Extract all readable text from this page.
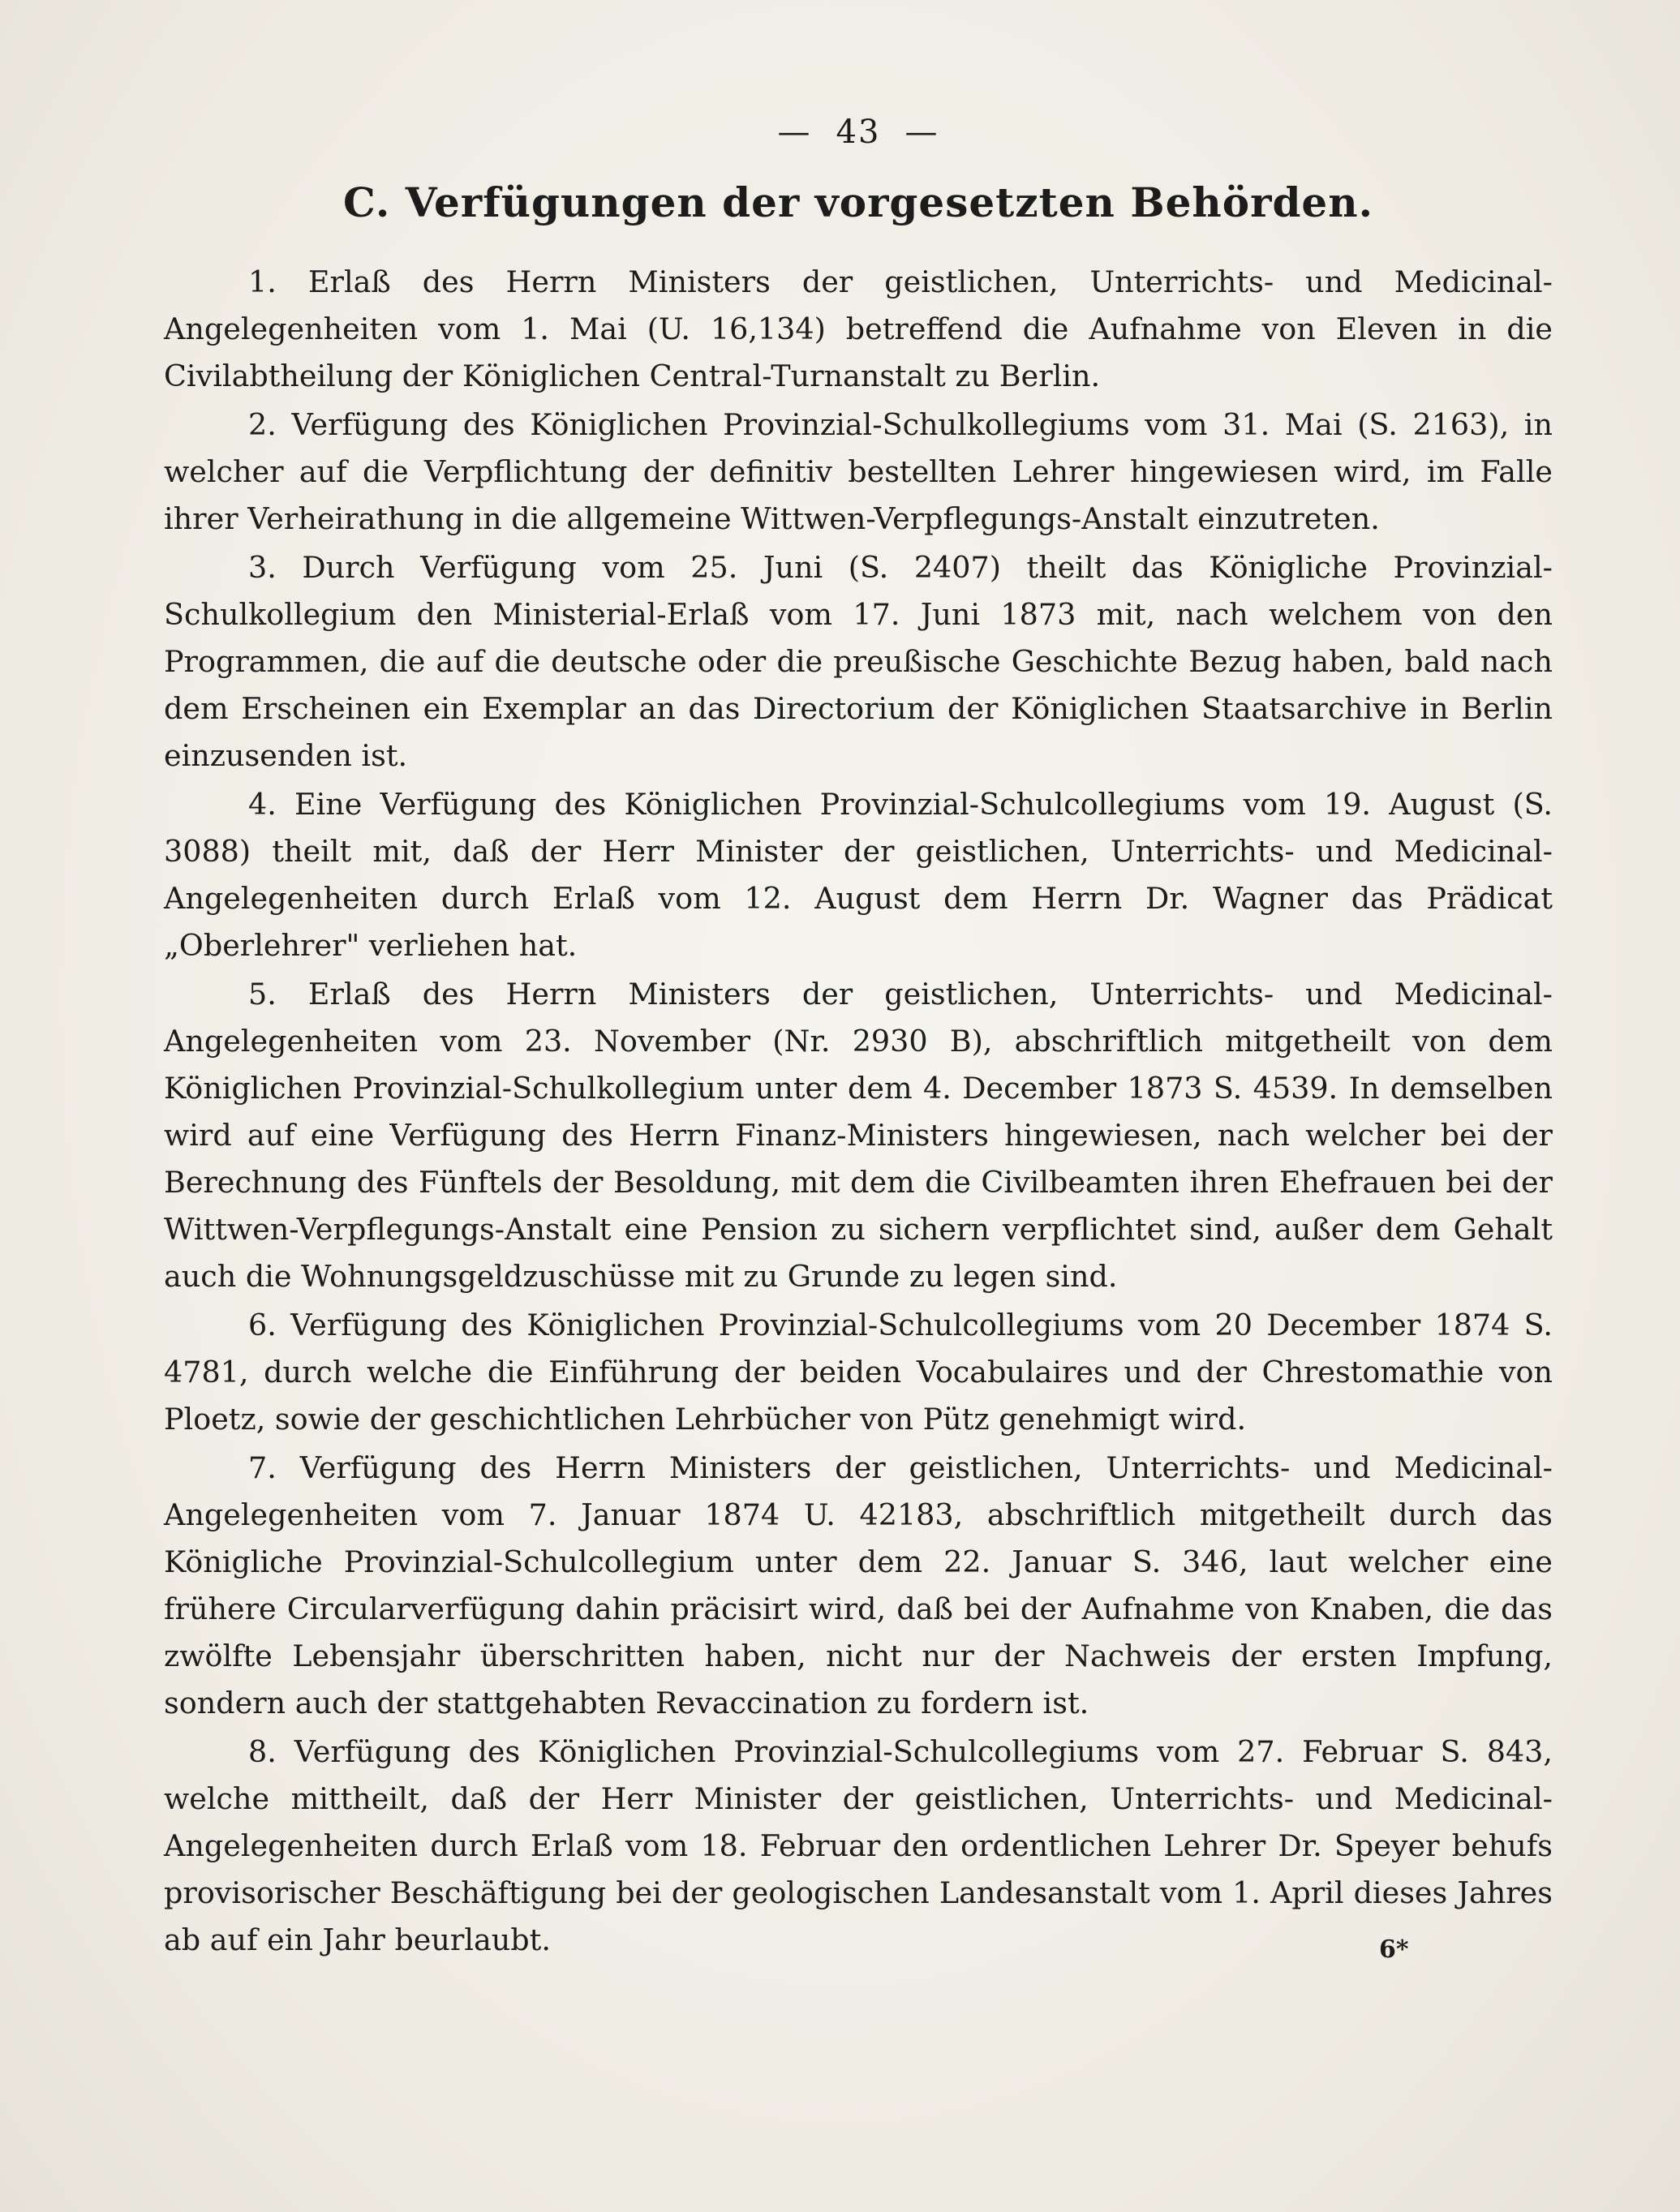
— 43 —
C. Verfügungen der vorgesetzten Behörden.

1. Erlaß des Herrn Ministers der geistlichen, Unterrichts- und Medicinal-Angelegenheiten vom 1. Mai (U. 16,134) betreffend die Aufnahme von Eleven in die Civilabtheilung der Königlichen Central-Turnanstalt zu Berlin.

2. Verfügung des Königlichen Provinzial-Schulkollegiums vom 31. Mai (S. 2163), in welcher auf die Verpflichtung der definitiv bestellten Lehrer hingewiesen wird, im Falle ihrer Verheirathung in die allgemeine Wittwen-Verpflegungs-Anstalt einzutreten.

3. Durch Verfügung vom 25. Juni (S. 2407) theilt das Königliche Provinzial-Schulkollegium den Ministerial-Erlaß vom 17. Juni 1873 mit, nach welchem von den Programmen, die auf die deutsche oder die preußische Geschichte Bezug haben, bald nach dem Erscheinen ein Exemplar an das Directorium der Königlichen Staatsarchive in Berlin einzusenden ist.

4. Eine Verfügung des Königlichen Provinzial-Schulcollegiums vom 19. August (S. 3088) theilt mit, daß der Herr Minister der geistlichen, Unterrichts- und Medicinal-Angelegenheiten durch Erlaß vom 12. August dem Herrn Dr. Wagner das Prädicat „Oberlehrer" verliehen hat.

5. Erlaß des Herrn Ministers der geistlichen, Unterrichts- und Medicinal-Angelegenheiten vom 23. November (Nr. 2930 B), abschriftlich mitgetheilt von dem Königlichen Provinzial-Schulkollegium unter dem 4. December 1873 S. 4539. In demselben wird auf eine Verfügung des Herrn Finanz-Ministers hingewiesen, nach welcher bei der Berechnung des Fünftels der Besoldung, mit dem die Civilbeamten ihren Ehefrauen bei der Wittwen-Verpflegungs-Anstalt eine Pension zu sichern verpflichtet sind, außer dem Gehalt auch die Wohnungsgeldzuschüsse mit zu Grunde zu legen sind.

6. Verfügung des Königlichen Provinzial-Schulcollegiums vom 20 December 1874 S. 4781, durch welche die Einführung der beiden Vocabulaires und der Chrestomathie von Ploetz, sowie der geschichtlichen Lehrbücher von Pütz genehmigt wird.

7. Verfügung des Herrn Ministers der geistlichen, Unterrichts- und Medicinal-Angelegenheiten vom 7. Januar 1874 U. 42183, abschriftlich mitgetheilt durch das Königliche Provinzial-Schulcollegium unter dem 22. Januar S. 346, laut welcher eine frühere Circularverfügung dahin präcisirt wird, daß bei der Aufnahme von Knaben, die das zwölfte Lebensjahr überschritten haben, nicht nur der Nachweis der ersten Impfung, sondern auch der stattgehabten Revaccination zu fordern ist.

8. Verfügung des Königlichen Provinzial-Schulcollegiums vom 27. Februar S. 843, welche mittheilt, daß der Herr Minister der geistlichen, Unterrichts- und Medicinal-Angelegenheiten durch Erlaß vom 18. Februar den ordentlichen Lehrer Dr. Speyer behufs provisorischer Beschäftigung bei der geologischen Landesanstalt vom 1. April dieses Jahres ab auf ein Jahr beurlaubt.	6*
